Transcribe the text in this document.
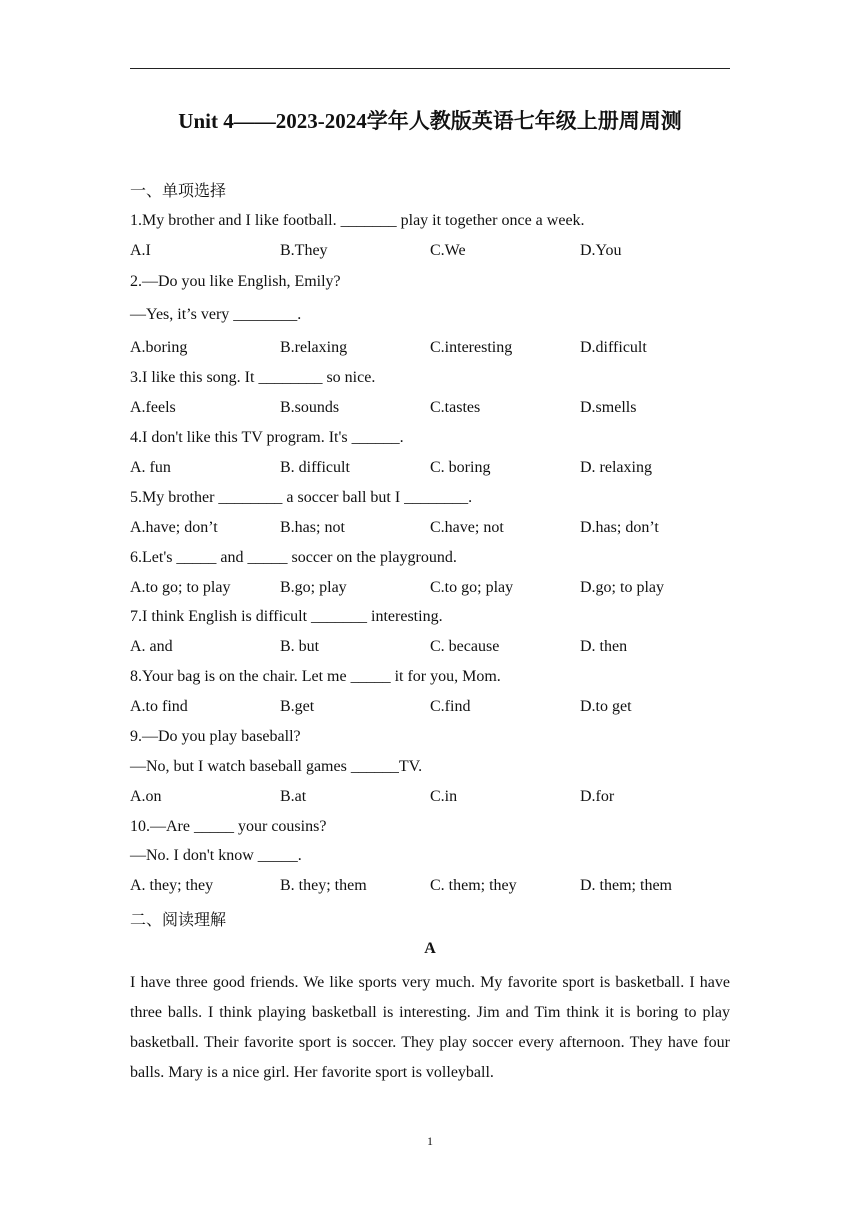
Unit 4——2023-2024学年人教版英语七年级上册周周测
一、单项选择
1.My brother and I like football. _______ play it together once a week.
A.I	B.They	C.We	D.You
2.—Do you like English, Emily?
—Yes, it’s very ________.
A.boring	B.relaxing	C.interesting	D.difficult
3.I like this song. It ________ so nice.
A.feels	B.sounds	C.tastes	D.smells
4.I don't like this TV program. It's ______.
A. fun	B. difficult	C. boring	D. relaxing
5.My brother ________ a soccer ball but I ________.
A.have; don’t	B.has; not	C.have; not	D.has; don’t
6.Let's _____ and _____ soccer on the playground.
A.to go; to play	B.go; play	C.to go; play	D.go; to play
7.I think English is difficult _______ interesting.
A. and	B. but	C. because	D. then
8.Your bag is on the chair. Let me _____ it for you, Mom.
A.to find	B.get	C.find	D.to get
9.—Do you play baseball?
—No, but I watch baseball games ______TV.
A.on	B.at	C.in	D.for
10.—Are _____ your cousins?
—No. I don't know _____.
A. they; they	B. they; them	C. them; they	D. them; them
二、阅读理解
A
I have three good friends. We like sports very much. My favorite sport is basketball. I have three balls. I think playing basketball is interesting. Jim and Tim think it is boring to play basketball. Their favorite sport is soccer. They play soccer every afternoon. They have four balls. Mary is a nice girl. Her favorite sport is volleyball.
1
